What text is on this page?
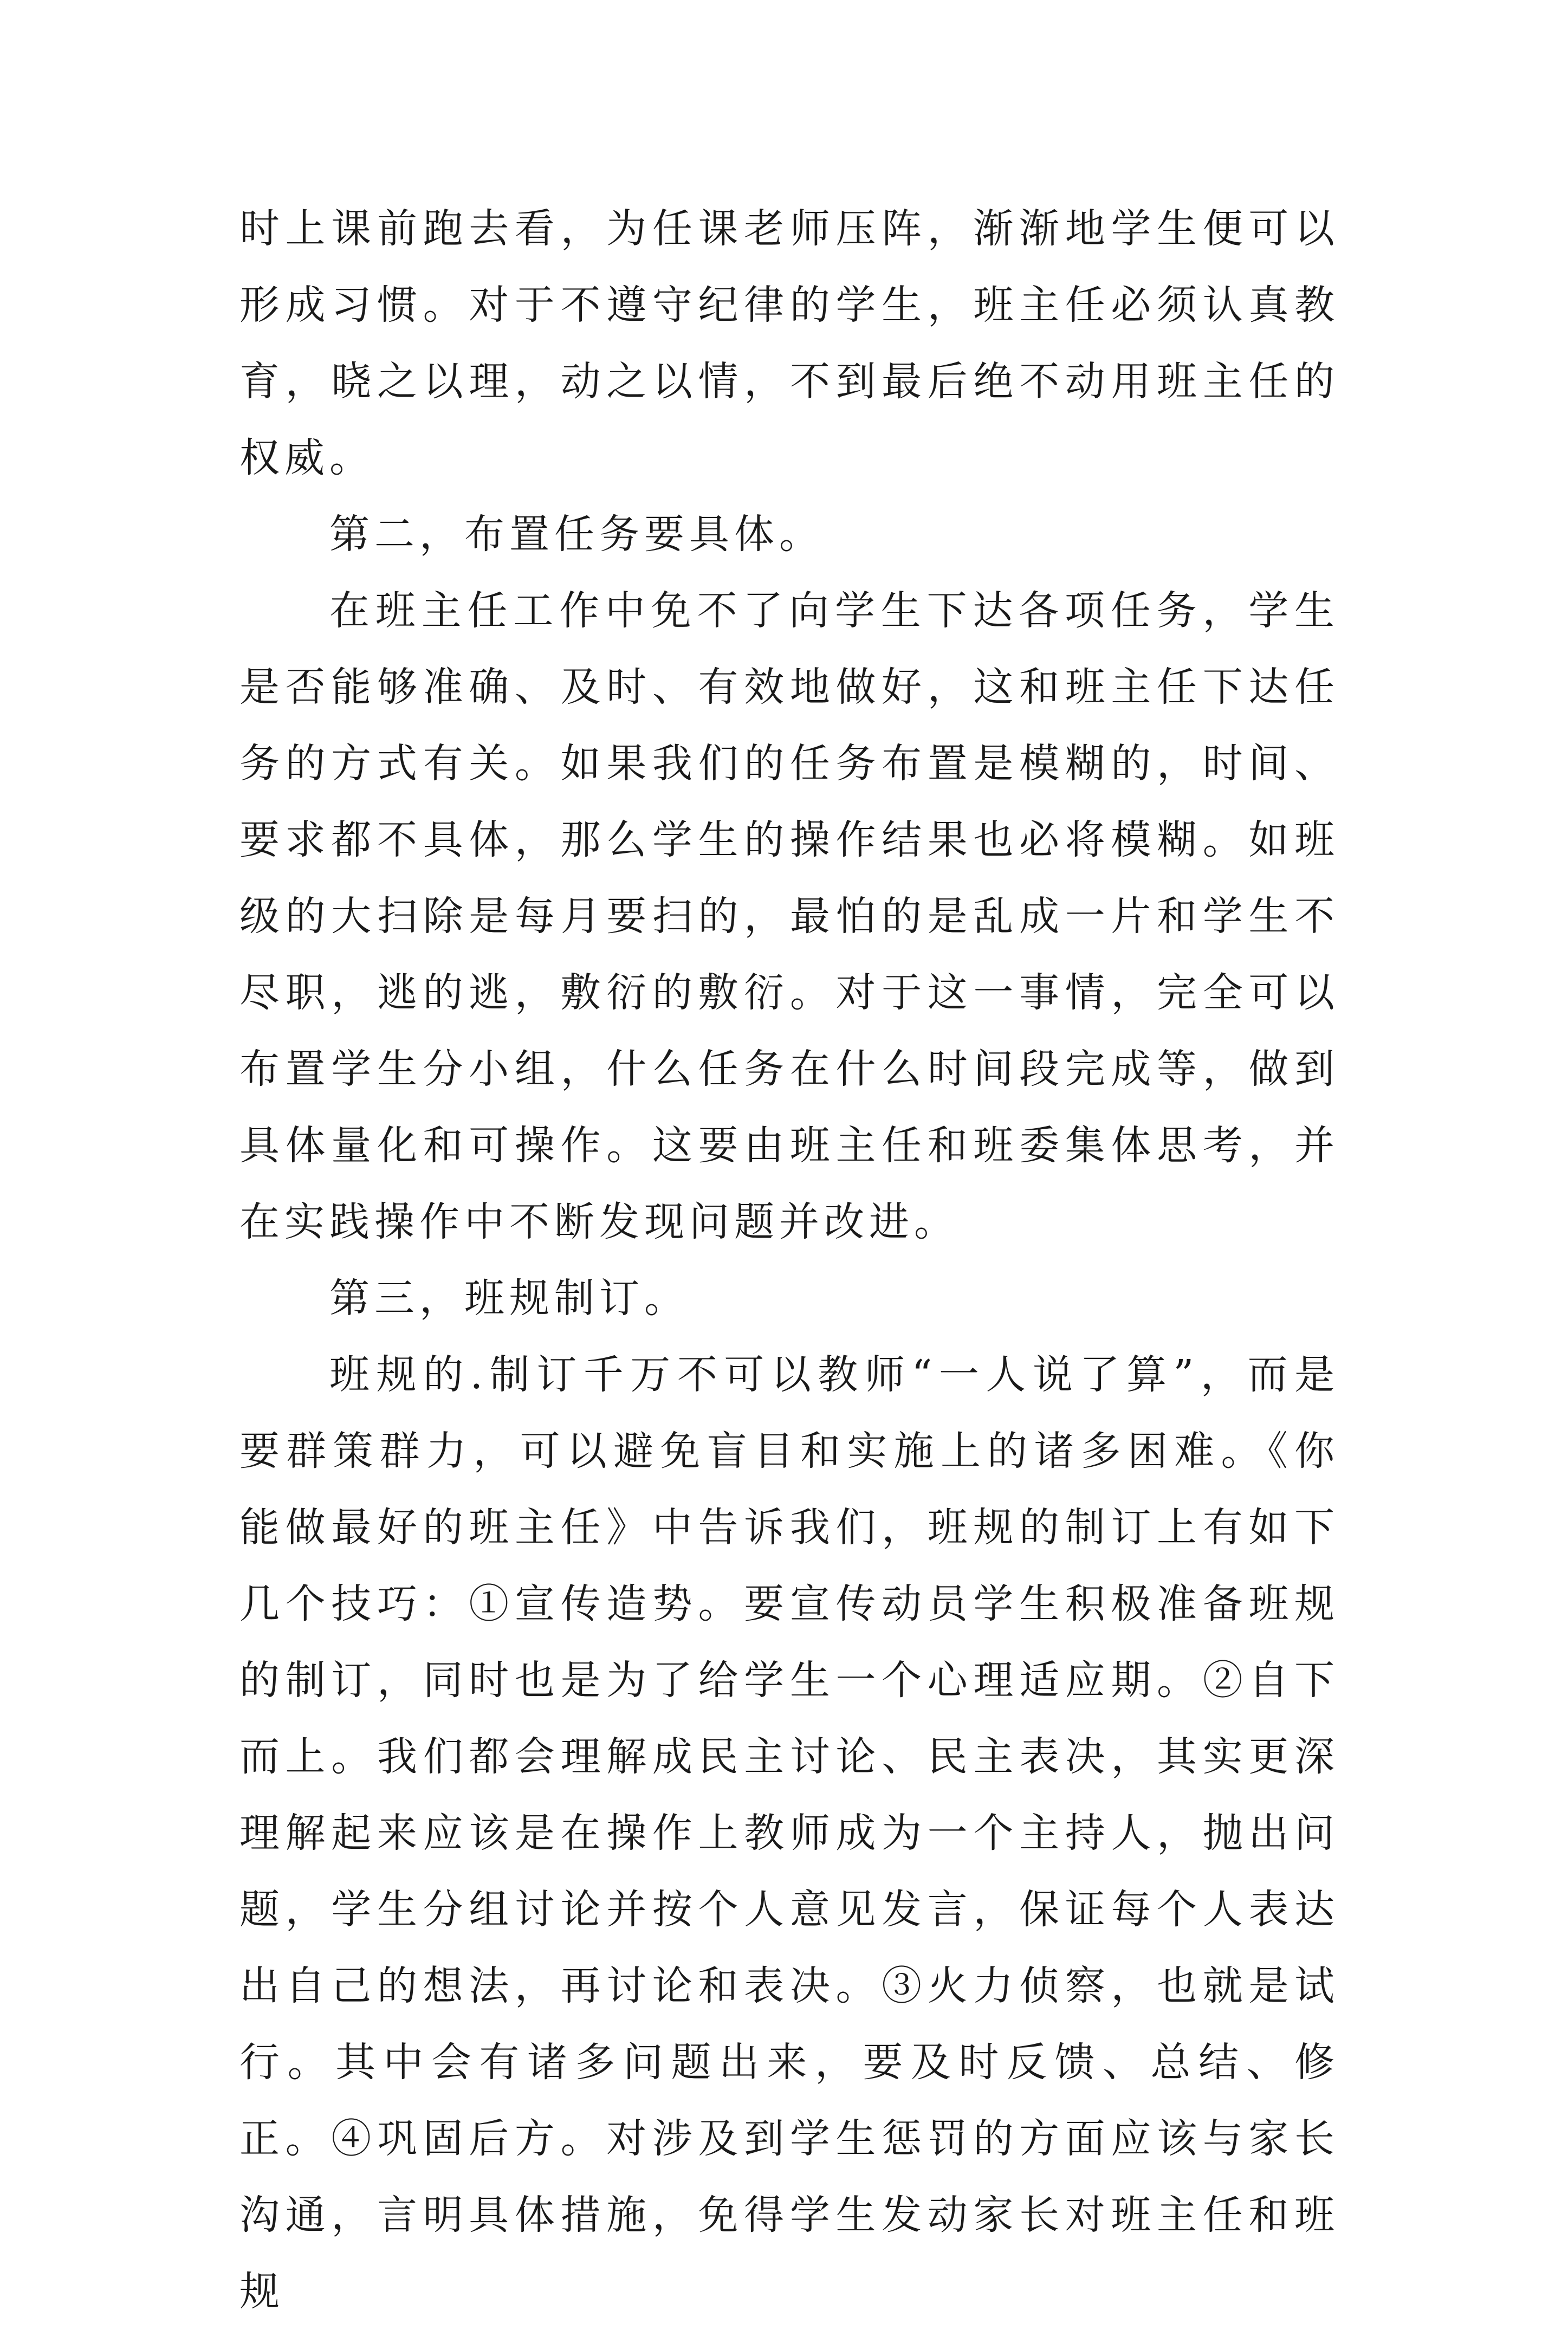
时上课前跑去看，为任课老师压阵，渐渐地学生便可以形成习惯。对于不遵守纪律的学生，班主任必须认真教育，晓之以理，动之以情，不到最后绝不动用班主任的权威。

第二，布置任务要具体。

在班主任工作中免不了向学生下达各项任务，学生是否能够准确、及时、有效地做好，这和班主任下达任务的方式有关。如果我们的任务布置是模糊的，时间、要求都不具体，那么学生的操作结果也必将模糊。如班级的大扫除是每月要扫的，最怕的是乱成一片和学生不尽职，逃的逃，敷衍的敷衍。对于这一事情，完全可以布置学生分小组，什么任务在什么时间段完成等，做到具体量化和可操作。这要由班主任和班委集体思考，并在实践操作中不断发现问题并改进。

第三，班规制订。

班规的.制订千万不可以教师“一人说了算”，而是要群策群力，可以避免盲目和实施上的诸多困难。《你能做最好的班主任》中告诉我们，班规的制订上有如下几个技巧：①宣传造势。要宣传动员学生积极准备班规的制订，同时也是为了给学生一个心理适应期。②自下而上。我们都会理解成民主讨论、民主表决，其实更深理解起来应该是在操作上教师成为一个主持人，抛出问题，学生分组讨论并按个人意见发言，保证每个人表达出自己的想法，再讨论和表决。③火力侦察，也就是试行。其中会有诸多问题出来，要及时反馈、总结、修正。④巩固后方。对涉及到学生惩罚的方面应该与家长沟通，言明具体措施，免得学生发动家长对班主任和班规
